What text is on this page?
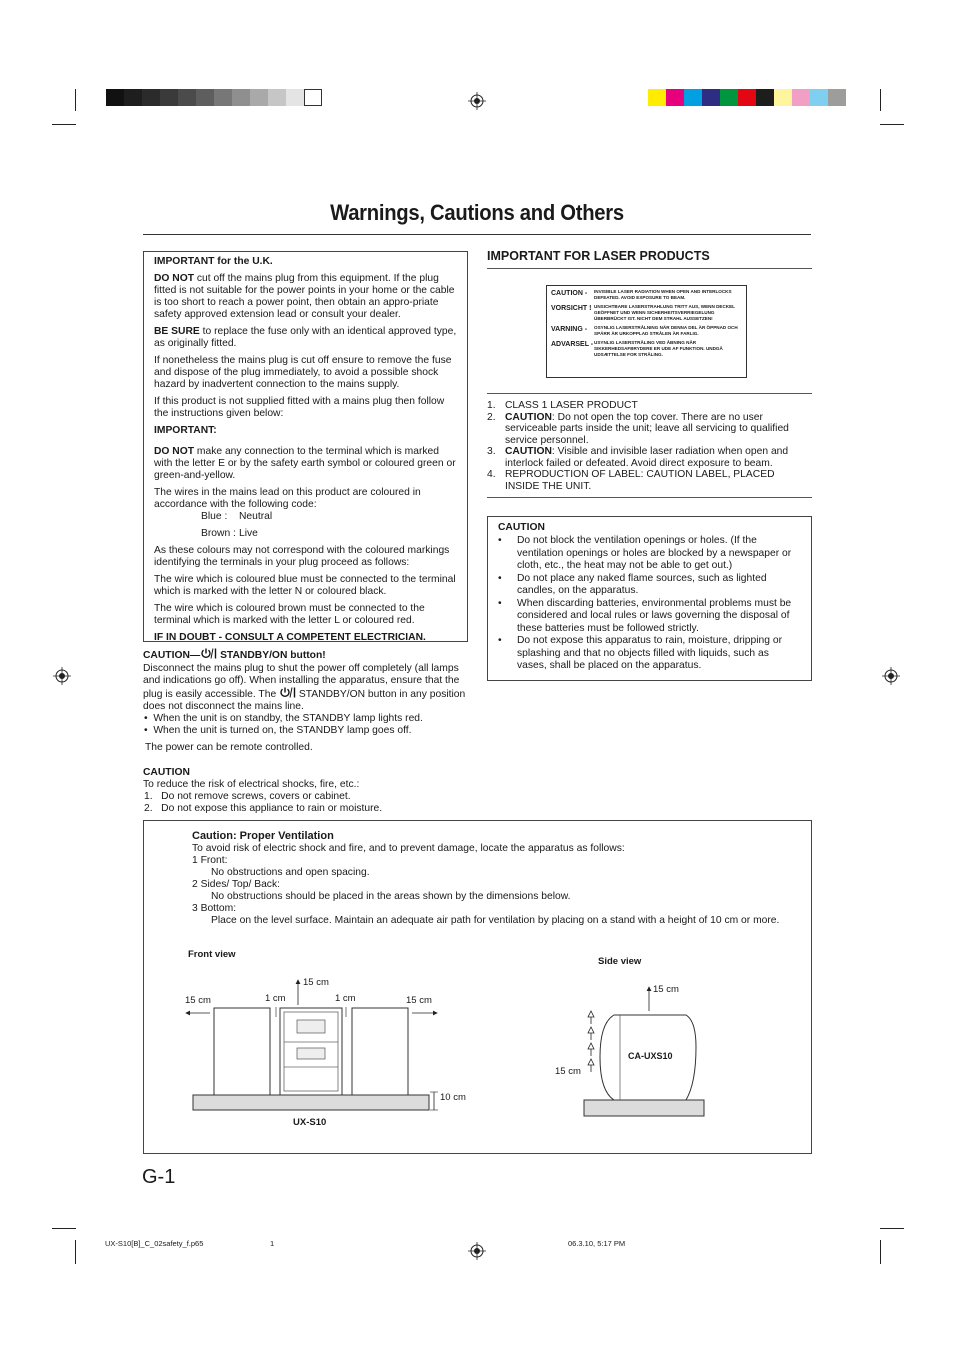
Warnings, Cautions and Others

IMPORTANT for the U.K.

DO NOT cut off the mains plug from this equipment. If the plug fitted is not suitable for the power points in your home or the cable is too short to reach a power point, then obtain an appro-priate safety approved extension lead or consult your dealer.

BE SURE to replace the fuse only with an identical approved type, as originally fitted.

If nonetheless the mains plug is cut off ensure to remove the fuse and dispose of the plug immediately, to avoid a possible shock hazard by inadvertent connection to the mains supply.

If this product is not supplied fitted with a mains plug then follow the instructions given below:

IMPORTANT:

DO NOT make any connection to the terminal which is marked with the letter E or by the safety earth symbol or coloured green or green-and-yellow.

The wires in the mains lead on this product are coloured in accordance with the following code:

Blue : Neutral
Brown : Live

As these colours may not correspond with the coloured markings identifying the terminals in your plug proceed as follows:

The wire which is coloured blue must be connected to the terminal which is marked with the letter N or coloured black.

The wire which is coloured brown must be connected to the terminal which is marked with the letter L or coloured red.

IF IN DOUBT - CONSULT A COMPETENT ELECTRICIAN.

CAUTION— STANDBY/ON button!

Disconnect the mains plug to shut the power off completely (all lamps and indications go off). When installing the apparatus, ensure that the plug is easily accessible. The  STANDBY/ON button in any position does not disconnect the mains line.

•  When the unit is on standby, the STANDBY lamp lights red.

•  When the unit is turned on, the STANDBY lamp goes off.

The power can be remote controlled.

CAUTION

To reduce the risk of electrical shocks, fire, etc.:

1.   Do not remove screws, covers or cabinet.

2.   Do not expose this appliance to rain or moisture.

IMPORTANT FOR LASER PRODUCTS
CAUTION -	INVISIBLE LASER RADIATION WHEN OPEN AND INTERLOCKS DEFEATED. AVOID EXPOSURE TO BEAM.
VORSICHT ! UNSICHTBARE LASERSTRAHLUNG TRITT AUS, WENN DECKEL GEÖFFNET UND WENN SICHERHEITSVERRIEGELUNG ÜBERBRÜCKT IST. NICHT DEM STRAHL AUSSETZEN!
VARNING -	OSYNLIG LASERSTRÅLNING NÄR DENNA DEL ÄR ÖPPNAD OCH SPÄRR ÄR URKOPPLAD STRÅLEN ÄR FARLIG.
ADVARSEL - USYNLIG LASERSTRÅLING VED ÅBNING NÅR SIKKERHEDSAFBRYDERE ER UDE AF FUNKTION. UNDGÅ UDSÆTTELSE FOR STRÅLING.
1. CLASS 1 LASER PRODUCT
2. CAUTION: Do not open the top cover. There are no user serviceable parts inside the unit; leave all servicing to qualified service personnel.
3. CAUTION: Visible and invisible laser radiation when open and interlock failed or defeated. Avoid direct exposure to beam.
4. REPRODUCTION OF LABEL: CAUTION LABEL, PLACED INSIDE THE UNIT.

CAUTION

•	Do not block the ventilation openings or holes. (If the ventilation openings or holes are blocked by a newspaper or cloth, etc., the heat may not be able to get out.)
•	Do not place any naked flame sources, such as lighted candles, on the apparatus.
•	When discarding batteries, environmental problems must be considered and local rules or laws governing the disposal of these batteries must be followed strictly.
•	Do not expose this apparatus to rain, moisture, dripping or splashing and that no objects filled with liquids, such as vases, shall be placed on the apparatus.

Caution: Proper Ventilation

To avoid risk of electric shock and fire, and to prevent damage, locate the apparatus as follows:

1 Front:

No obstructions and open spacing.

2 Sides/ Top/ Back:

No obstructions should be placed in the areas shown by the dimensions below.

3 Bottom:

Place on the level surface. Maintain an adequate air path for ventilation by placing on a stand with a height of 10 cm or more.

Front view
Side view
15 cm
15 cm	1 cm	1 cm	15 cm
10 cm
UX-S10
15 cm
15 cm
CA-UXS10
G-1
UX-S10[B]_C_02safety_f.p65	1	06.3.10, 5:17 PM
